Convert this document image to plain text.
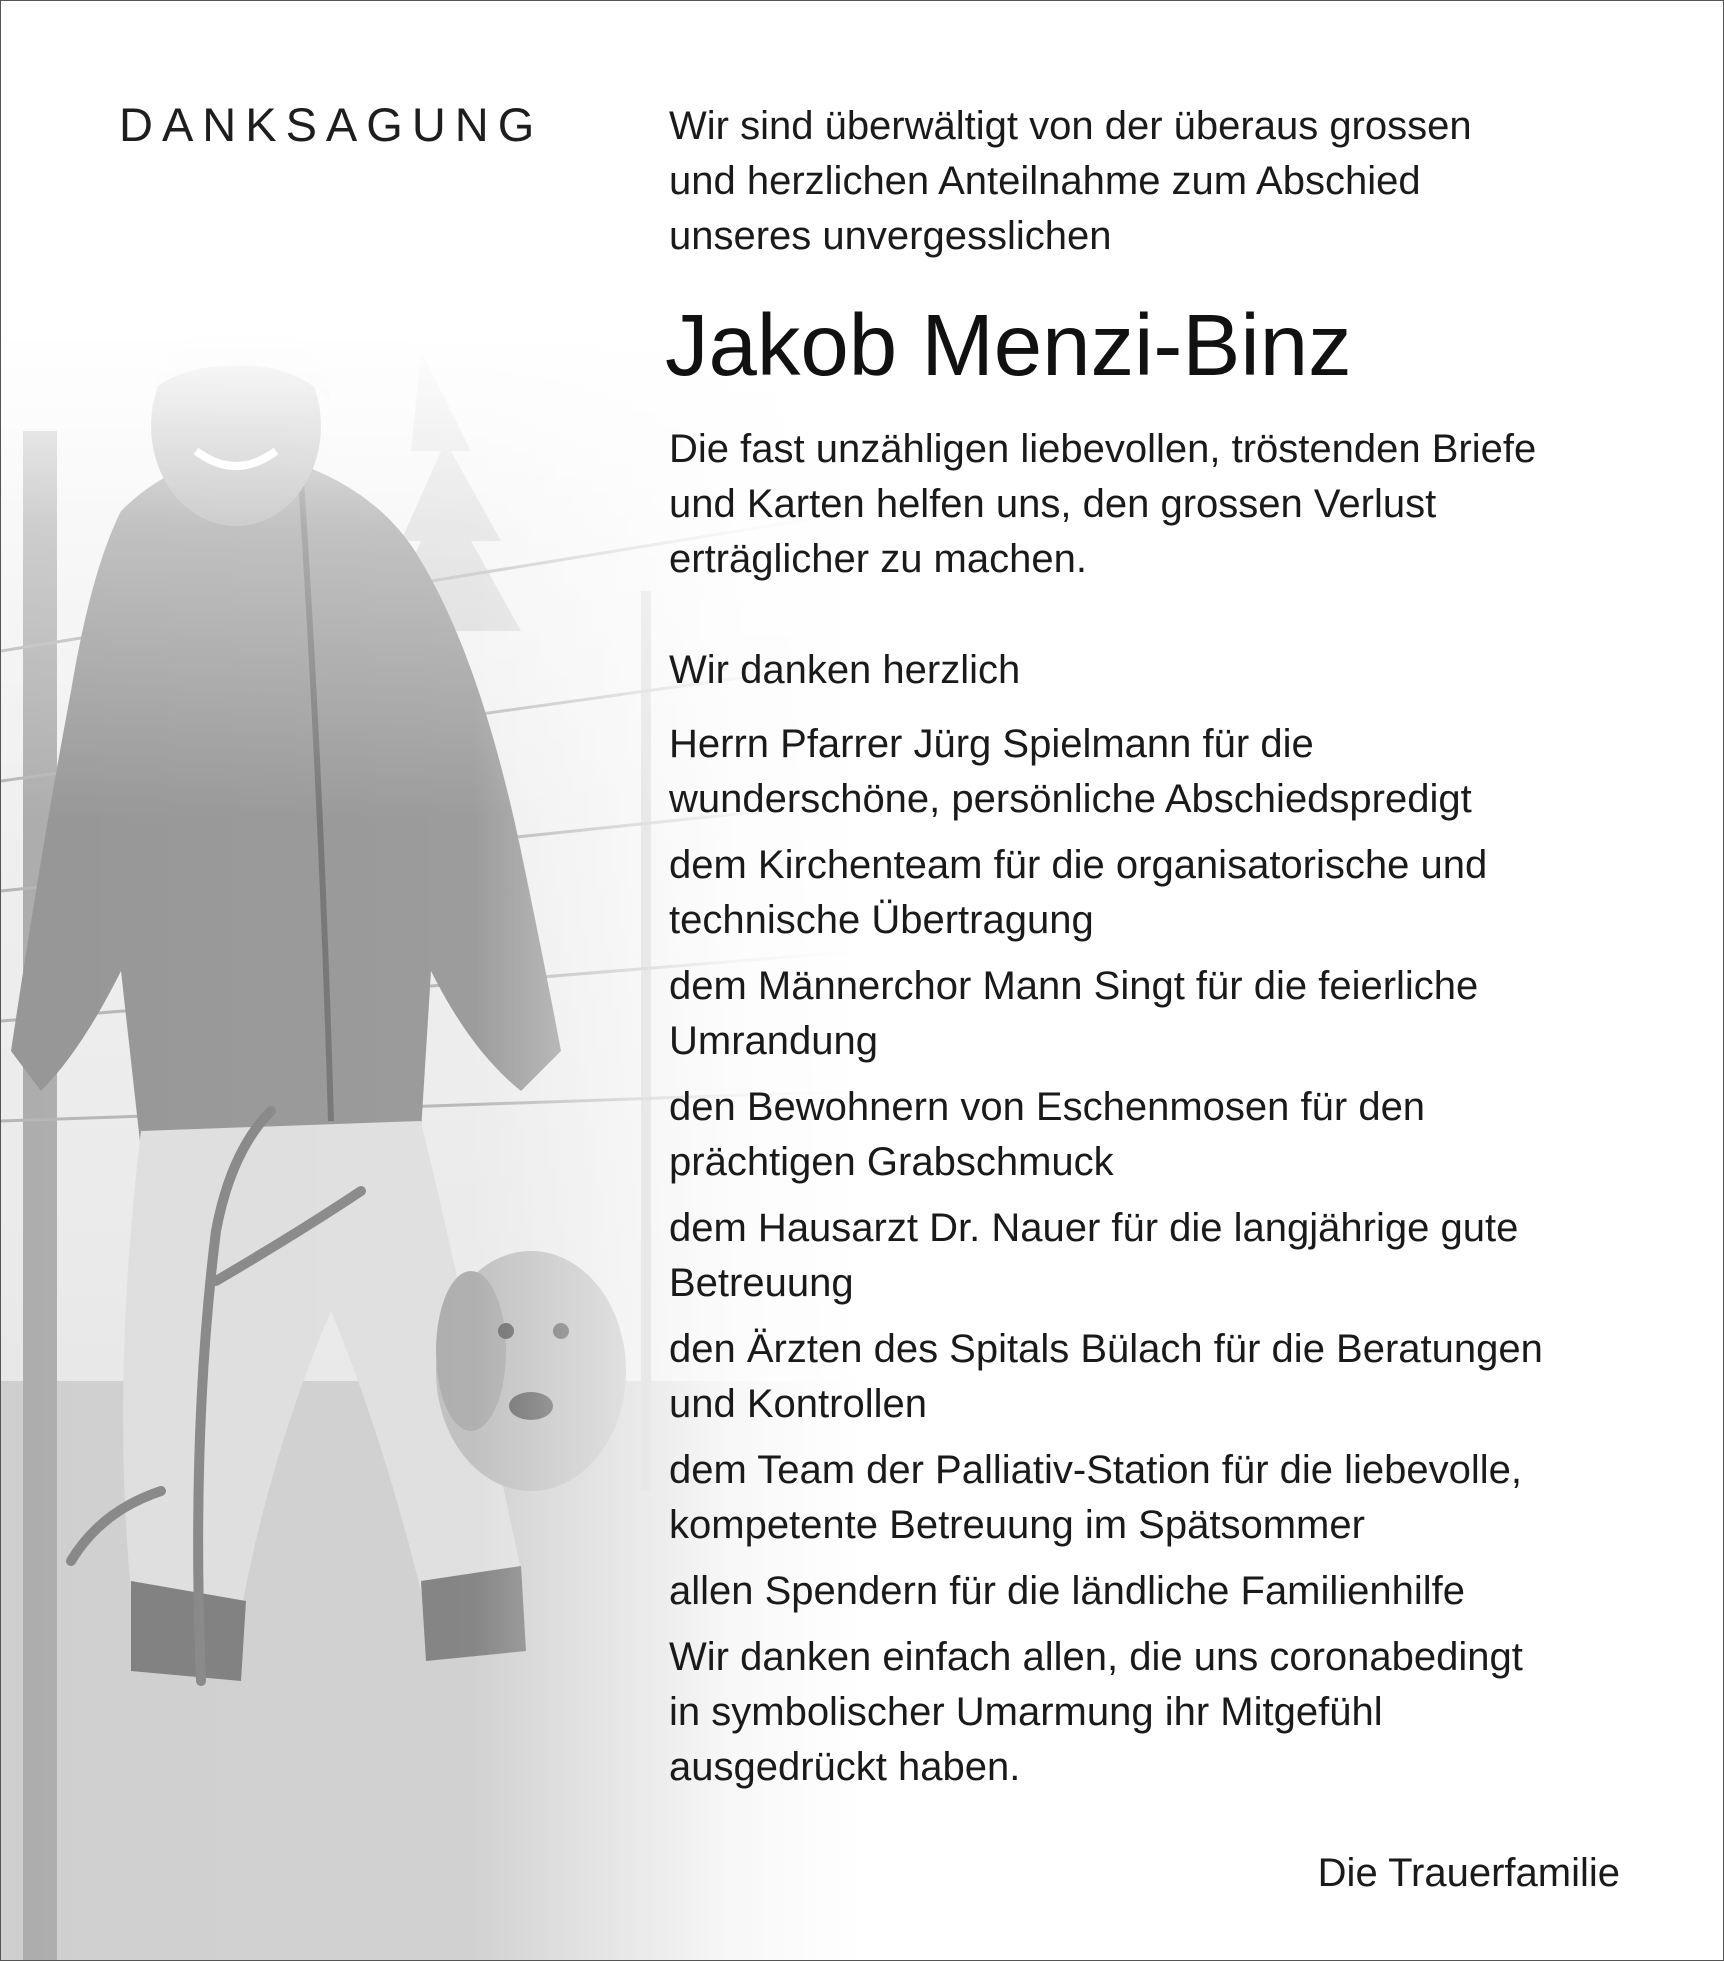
DANKSAGUNG	Wir sind überwältigt von der überaus grossen

und herzlichen Anteilnahme zum Abschied

unseres unvergesslichen

Jakob Menzi-Binz

Die fast unzähligen liebevollen, tröstenden Briefe

und Karten helfen uns, den grossen Verlust

erträglicher zu machen.

Wir danken herzlich

Herrn Pfarrer Jürg Spielmann für die
wunderschöne, persönliche Abschiedspredigt
dem Kirchenteam für die organisatorische und
technische Übertragung
dem Männerchor Mann Singt für die feierliche
Umrandung
den Bewohnern von Eschenmosen für den
prächtigen Grabschmuck
dem Hausarzt Dr. Nauer für die langjährige gute
Betreuung
den Ärzten des Spitals Bülach für die Beratungen
und Kontrollen
dem Team der Palliativ-Station für die liebevolle,
kompetente Betreuung im Spätsommer
allen Spendern für die ländliche Familienhilfe
Wir danken einfach allen, die uns coronabedingt
in symbolischer Umarmung ihr Mitgefühl
ausgedrückt haben.
Die Trauerfamilie
